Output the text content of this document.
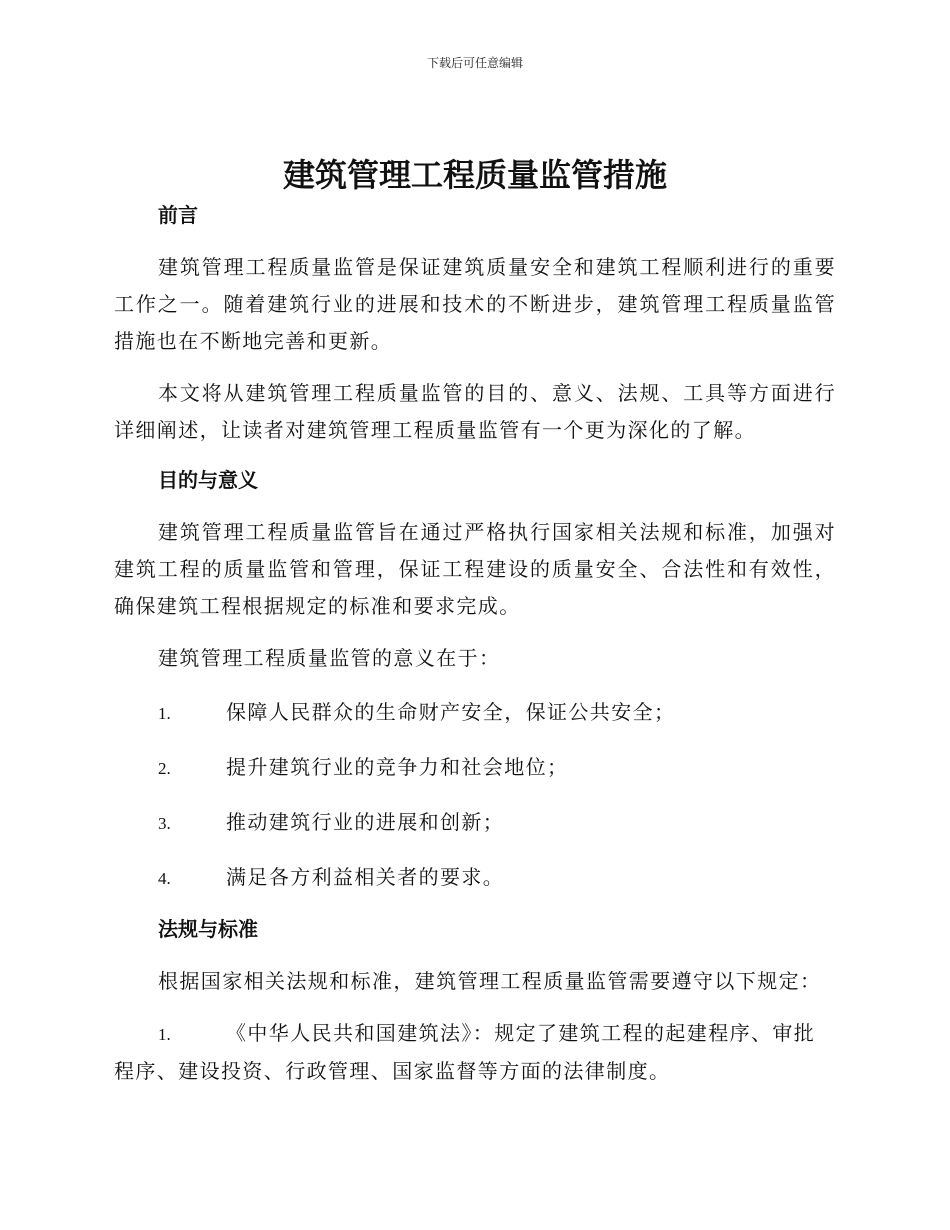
下载后可任意编辑
建筑管理工程质量监管措施

前言

建筑管理工程质量监管是保证建筑质量安全和建筑工程顺利进行的重要工作之一。随着建筑行业的进展和技术的不断进步，建筑管理工程质量监管措施也在不断地完善和更新。

本文将从建筑管理工程质量监管的目的、意义、法规、工具等方面进行详细阐述，让读者对建筑管理工程质量监管有一个更为深化的了解。

目的与意义

建筑管理工程质量监管旨在通过严格执行国家相关法规和标准，加强对建筑工程的质量监管和管理，保证工程建设的质量安全、合法性和有效性，确保建筑工程根据规定的标准和要求完成。

建筑管理工程质量监管的意义在于：

1.	保障人民群众的生命财产安全，保证公共安全；

2.	提升建筑行业的竞争力和社会地位；

3.	推动建筑行业的进展和创新；

4.	满足各方利益相关者的要求。

法规与标准

根据国家相关法规和标准，建筑管理工程质量监管需要遵守以下规定：

1.	《中华人民共和国建筑法》：规定了建筑工程的起建程序、审批程序、建设投资、行政管理、国家监督等方面的法律制度。
